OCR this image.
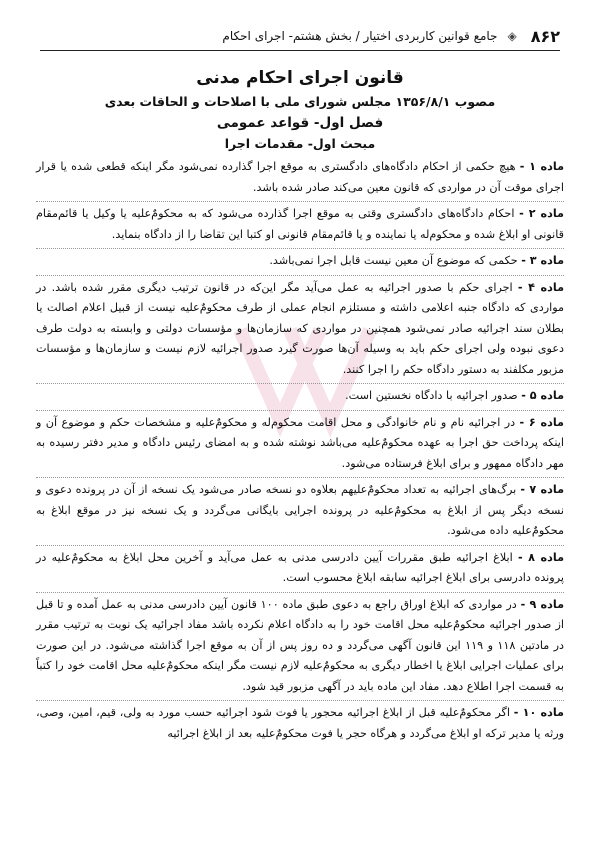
۸۶۲
◈
جامع قوانین کاربردی اختیار / بخش هشتم- اجرای احکام
قانون اجرای احکام مدنی
مصوب ۱۳۵۶/۸/۱ مجلس شورای ملی با اصلاحات و الحاقات بعدی
فصل اول- قواعد عمومی
مبحث اول- مقدمات اجرا

ماده ۱ - هیچ حکمی از احکام دادگاه‌های دادگستری به موقع اجرا گذارده نمی‌شود مگر اینکه قطعی شده یا قرار اجرای موقت آن در مواردی که قانون معین می‌کند صادر شده باشد.

ماده ۲ - احکام دادگاه‌های دادگستری وقتی به موقع اجرا گذارده می‌شود که به محکومٌ‌علیه یا وکیل یا قائم‌مقام قانونی او ابلاغ شده و محکوم‌له یا نماینده و یا قائم‌مقام قانونی او کتبا این تقاضا را از دادگاه بنماید.

ماده ۳ - حکمی که موضوع آن معین نیست قابل اجرا نمی‌باشد.

ماده ۴ - اجرای حکم با صدور اجرائیه به عمل می‌آید مگر این‌که در قانون ترتیب دیگری مقرر شده باشد. در مواردی که دادگاه جنبه اعلامی داشته و مستلزم انجام عملی از طرف محکومٌ‌علیه نیست از قبیل اعلام اصالت یا بطلان سند اجرائیه صادر نمی‌شود همچنین در مواردی که سازمان‌ها و مؤسسات دولتی و وابسته به دولت طرف دعوی نبوده ولی اجرای حکم باید به وسیله آن‌ها صورت گیرد صدور اجرائیه لازم نیست و سازمان‌ها و مؤسسات مزبور مکلفند به دستور دادگاه حکم را اجرا کنند.

ماده ۵ - صدور اجرائیه با دادگاه نخستین است.

ماده ۶ - در اجرائیه نام و نام خانوادگی و محل اقامت محکوم‌له و محکومٌ‌علیه و مشخصات حکم و موضوع آن و اینکه پرداخت حق اجرا به عهده محکومٌ‌علیه می‌باشد نوشته شده و به امضای رئیس دادگاه و مدیر دفتر رسیده به مهر دادگاه ممهور و برای ابلاغ فرستاده می‌شود.

ماده ۷ - برگ‌های اجرائیه به تعداد محکومٌ‌علیهم بعلاوه دو نسخه صادر می‌شود یک نسخه از آن در پرونده دعوی و نسخه دیگر پس از ابلاغ به محکومٌ‌علیه در پرونده اجرایی بایگانی می‌گردد و یک نسخه نیز در موقع ابلاغ به محکومٌ‌علیه داده می‌شود.

ماده ۸ - ابلاغ اجرائیه طبق مقررات آیین دادرسی مدنی به عمل می‌آید و آخرین محل ابلاغ به محکومٌ‌علیه در پرونده دادرسی برای ابلاغ اجرائیه سابقه ابلاغ محسوب است.

ماده ۹ - در مواردی که ابلاغ اوراق راجع به دعوی طبق ماده ۱۰۰ قانون آیین دادرسی مدنی به عمل آمده و تا قبل از صدور اجرائیه محکومٌ‌علیه محل اقامت خود را به دادگاه اعلام نکرده باشد مفاد اجرائیه یک نوبت به ترتیب مقرر در مادتین ۱۱۸ و ۱۱۹ این قانون آگهی می‌گردد و ده روز پس از آن به موقع اجرا گذاشته می‌شود. در این صورت برای عملیات اجرایی ابلاغ یا اخطار دیگری به محکومٌ‌علیه لازم نیست مگر اینکه محکومٌ‌علیه محل اقامت خود را کتباً به قسمت اجرا اطلاع دهد. مفاد این ماده باید در آگهی مزبور قید شود.

ماده ۱۰ - اگر محکومٌ‌علیه قبل از ابلاغ اجرائیه محجور یا فوت شود اجرائیه حسب مورد به ولی، قیم، امین، وصی، ورثه یا مدیر ترکه او ابلاغ می‌گردد و هرگاه حجر یا فوت محکومٌ‌علیه بعد از ابلاغ اجرائیه
